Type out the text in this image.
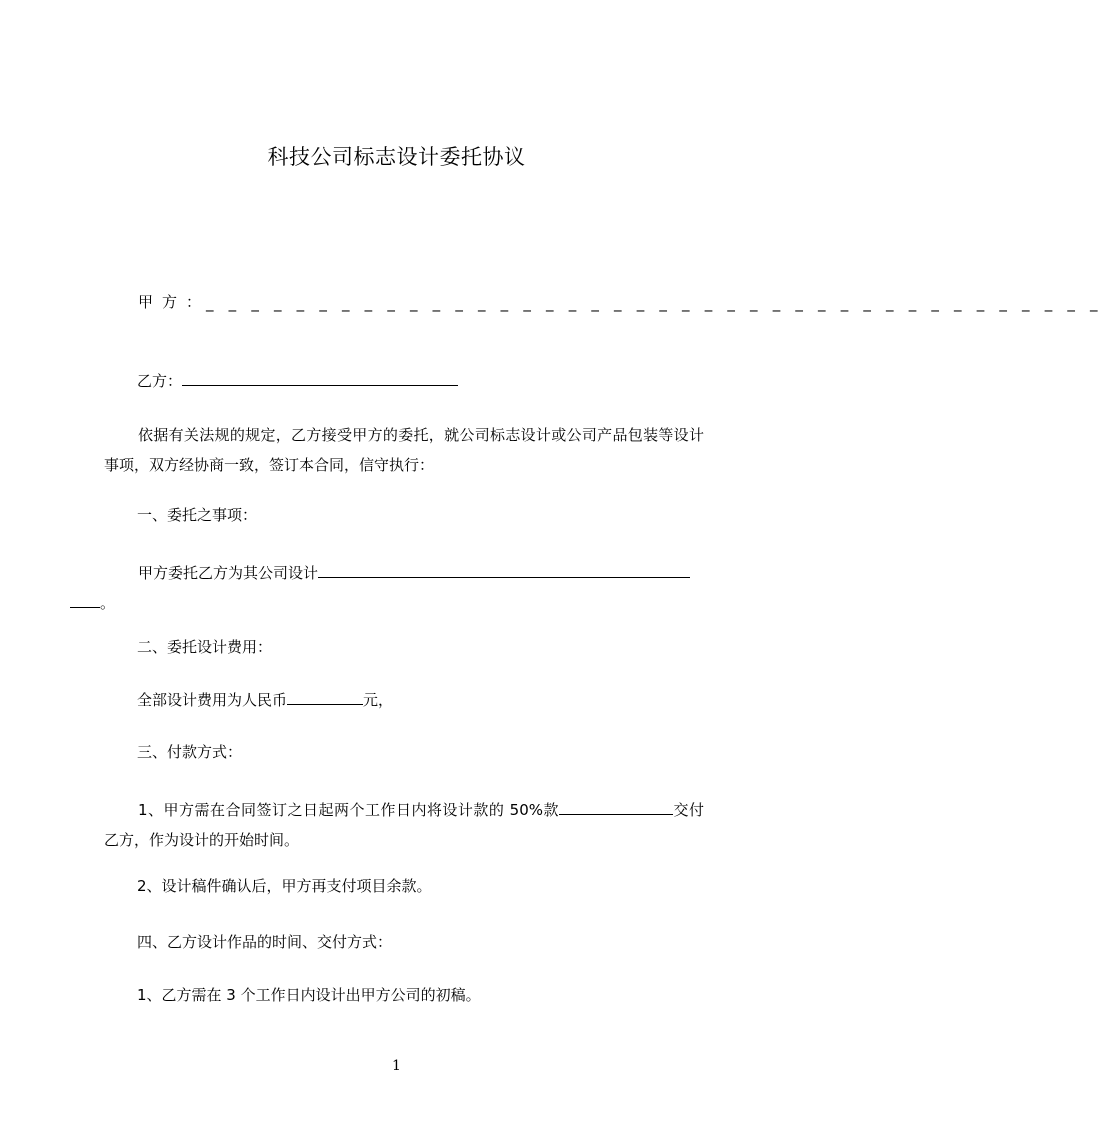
科技公司标志设计委托协议
甲方：
_ _ _ _ _ _ _ _ _ _ _ _ _ _ _ _ _ _ _ _ _ _ _ _ _ _ _ _ _ _ _ _ _ _ _ _ _ _ _ _
乙方：
依据有关法规的规定，乙方接受甲方的委托，就公司标志设计或公司产品包装等设计事项，双方经协商一致，签订本合同，信守执行：
一、委托之事项：
甲方委托乙方为其公司设计
。
二、委托设计费用：
全部设计费用为人民币	元，
三、付款方式：
1、甲方需在合同签订之日起两个工作日内将设计款的 50%款	交付乙方，作为设计的开始时间。
2、设计稿件确认后，甲方再支付项目余款。
四、乙方设计作品的时间、交付方式：
1、乙方需在 3 个工作日内设计出甲方公司的初稿。
1
